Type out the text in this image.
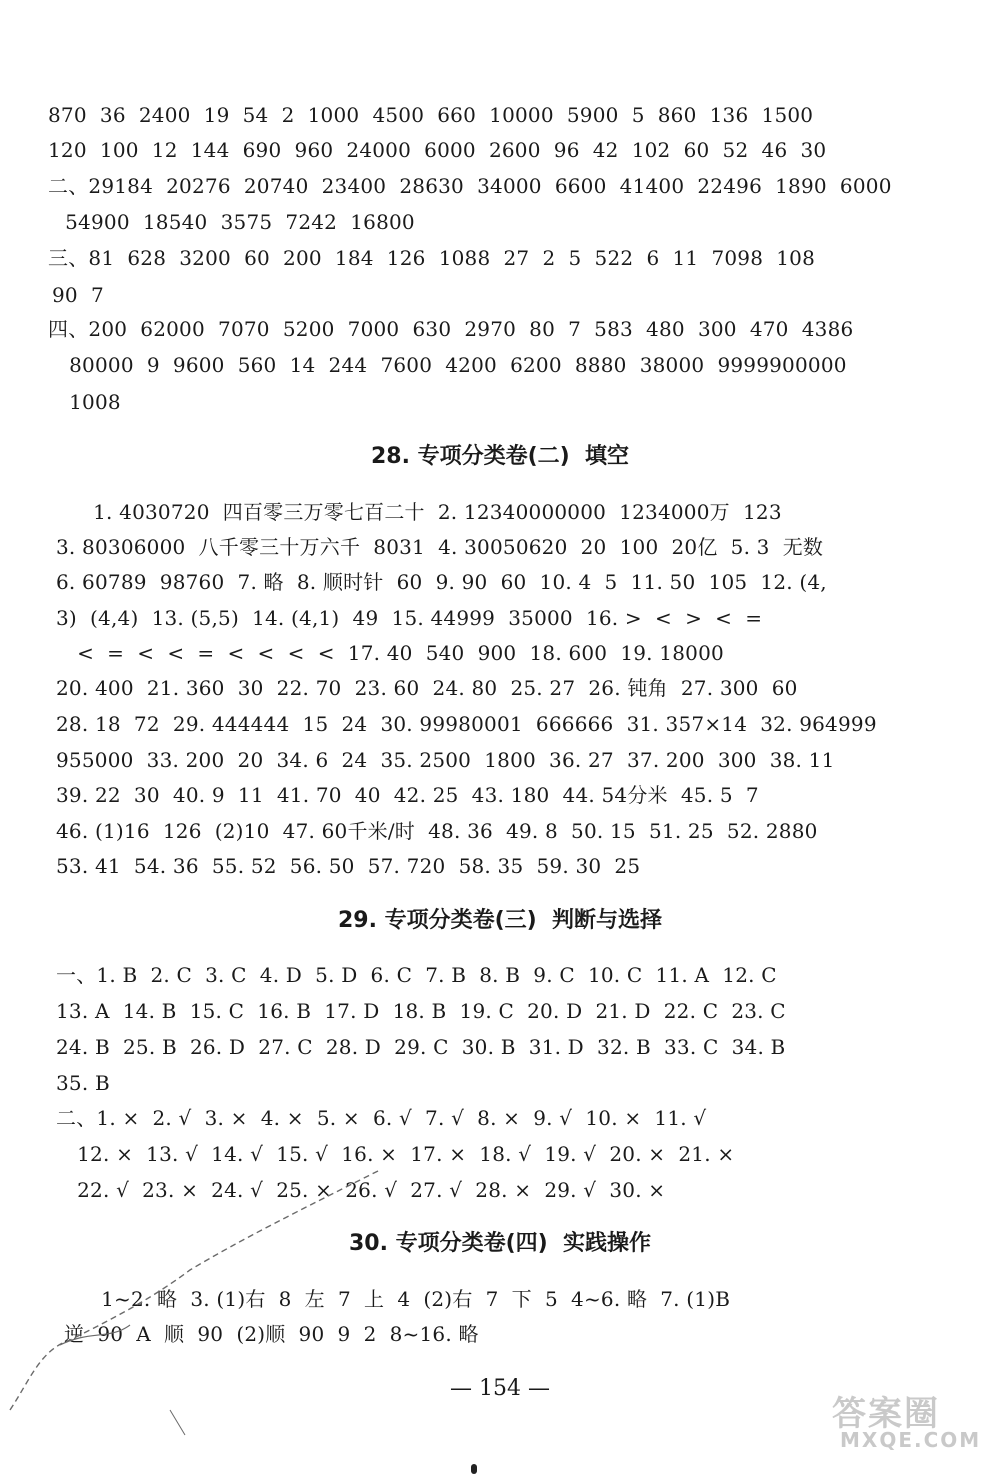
870  36  2400  19  54  2  1000  4500  660  10000  5900  5  860  136  1500
120  100  12  144  690  960  24000  6000  2600  96  42  102  60  52  46  30
二、29184  20276  20740  23400  28630  34000  6600  41400  22496  1890  6000
54900  18540  3575  7242  16800
三、81  628  3200  60  200  184  126  1088  27  2  5  522  6  11  7098  108
90  7
四、200  62000  7070  5200  7000  630  2970  80  7  583  480  300  470  4386
80000  9  9600  560  14  244  7600  4200  6200  8880  38000  9999900000
1008
28. 专项分类卷(二)  填空
1. 4030720  四百零三万零七百二十  2. 12340000000  1234000万  123
3. 80306000  八千零三十万六千  8031  4. 30050620  20  100  20亿  5. 3  无数
6. 60789  98760  7. 略  8. 顺时针  60  9. 90  60  10. 4  5  11. 50  105  12. (4,
3)  (4,4)  13. (5,5)  14. (4,1)  49  15. 44999  35000  16. >  <  >  <  =
<  =  <  <  =  <  <  <  <  17. 40  540  900  18. 600  19. 18000
20. 400  21. 360  30  22. 70  23. 60  24. 80  25. 27  26. 钝角  27. 300  60
28. 18  72  29. 444444  15  24  30. 99980001  666666  31. 357×14  32. 964999
955000  33. 200  20  34. 6  24  35. 2500  1800  36. 27  37. 200  300  38. 11
39. 22  30  40. 9  11  41. 70  40  42. 25  43. 180  44. 54分米  45. 5  7
46. (1)16  126  (2)10  47. 60千米/时  48. 36  49. 8  50. 15  51. 25  52. 2880
53. 41  54. 36  55. 52  56. 50  57. 720  58. 35  59. 30  25
29. 专项分类卷(三)  判断与选择
一、1. B  2. C  3. C  4. D  5. D  6. C  7. B  8. B  9. C  10. C  11. A  12. C
13. A  14. B  15. C  16. B  17. D  18. B  19. C  20. D  21. D  22. C  23. C
24. B  25. B  26. D  27. C  28. D  29. C  30. B  31. D  32. B  33. C  34. B
35. B
二、1. ×  2. √  3. ×  4. ×  5. ×  6. √  7. √  8. ×  9. √  10. ×  11. √
12. ×  13. √  14. √  15. √  16. ×  17. ×  18. √  19. √  20. ×  21. ×
22. √  23. ×  24. √  25. ×  26. √  27. √  28. ×  29. √  30. ×
30. 专项分类卷(四)  实践操作
1~2. 略  3. (1)右  8  左  7  上  4  (2)右  7  下  5  4~6. 略  7. (1)B
逆  90  A  顺  90  (2)顺  90  9  2  8~16. 略
— 154 —
答案圈
MXQE.COM
